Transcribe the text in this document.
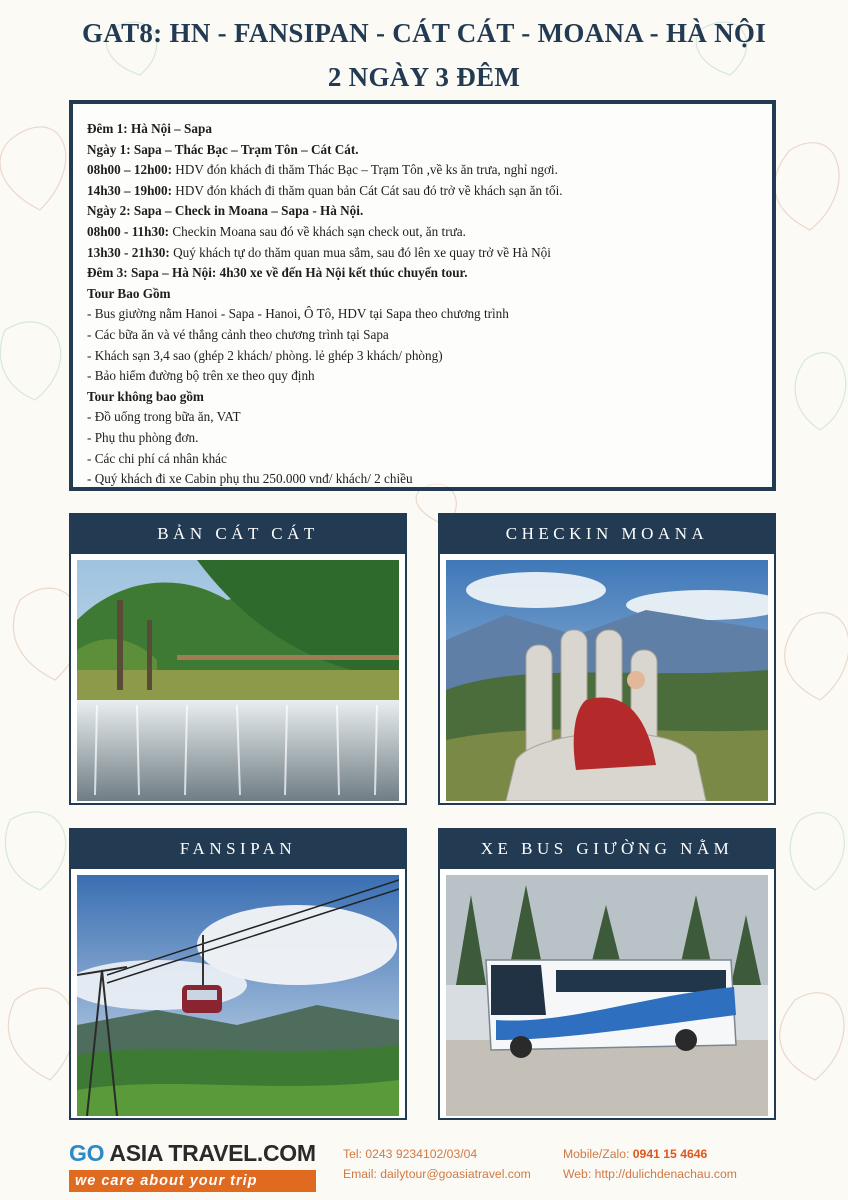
GAT8: HN - FANSIPAN - CÁT CÁT - MOANA - HÀ NỘI
2 NGÀY 3 ĐÊM
Đêm 1: Hà Nội – Sapa
Ngày 1: Sapa – Thác Bạc – Trạm Tôn – Cát Cát.
08h00 – 12h00: HDV đón khách đi thăm Thác Bạc – Trạm Tôn ,về ks ăn trưa, nghỉ ngơi.
14h30 – 19h00: HDV đón khách đi thăm quan bản Cát Cát sau đó trở về khách sạn ăn tối.
Ngày 2: Sapa – Check in Moana – Sapa - Hà Nội.
08h00 - 11h30: Checkin Moana sau đó về khách sạn check out, ăn trưa.
13h30 - 21h30: Quý khách tự do thăm quan mua sắm, sau đó lên xe quay trở về Hà Nội
Đêm 3: Sapa – Hà Nội: 4h30 xe về đến Hà Nội kết thúc chuyến tour.
Tour Bao Gồm
- Bus giường nằm Hanoi - Sapa - Hanoi, Ô Tô, HDV tại Sapa theo chương trình
- Các bữa ăn và vé thắng cảnh theo chương trình tại Sapa
- Khách sạn 3,4 sao (ghép 2 khách/ phòng. lẻ ghép 3 khách/ phòng)
- Bảo hiểm đường bộ trên xe theo quy định
Tour không bao gồm
- Đồ uống trong bữa ăn, VAT
- Phụ thu phòng đơn.
- Các chi phí cá nhân khác
- Quý khách đi xe Cabin phụ thu 250.000 vnđ/ khách/ 2 chiều
BẢN CÁT CÁT	CHECKIN MOANA
FANSIPAN	XE BUS GIƯỜNG NẰM
GO ASIA TRAVEL.COM
we care about your trip
Tel: 0243 9234102/03/04
Email: dailytour@goasiatravel.com
Mobile/Zalo: 0941 15 4646
Web: http://dulichdenachau.com
